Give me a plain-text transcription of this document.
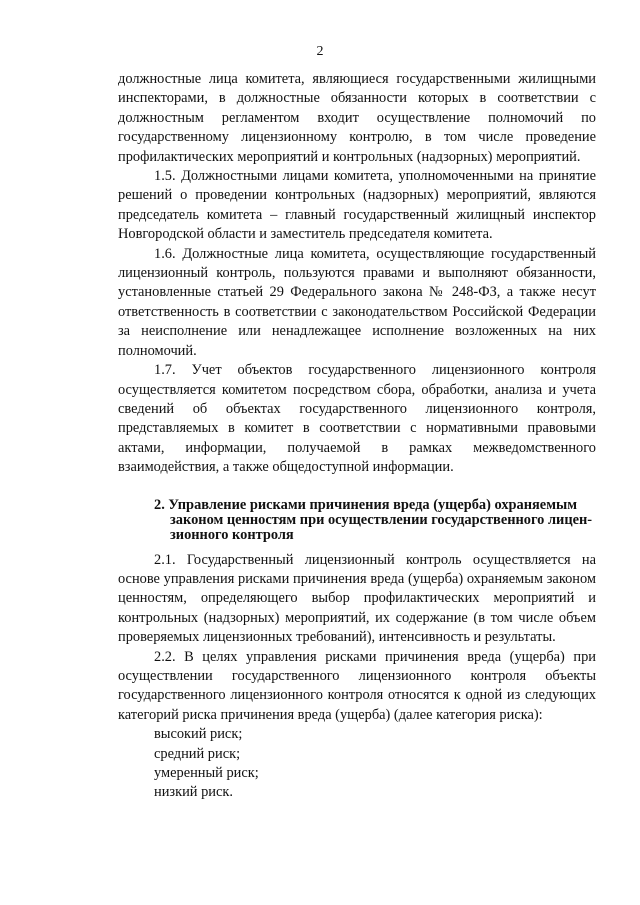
2

должностные лица комитета, являющиеся государственными жилищными инспекторами, в должностные обязанности которых в соответствии с должностным регламентом входит осуществление полномочий по государственному лицензионному контролю, в том числе проведение профилактических мероприятий и контрольных (надзорных) мероприятий.

1.5. Должностными лицами комитета, уполномоченными на принятие решений о проведении контрольных (надзорных) мероприятий, являются председатель комитета – главный государственный жилищный инспектор Новгородской области и заместитель председателя комитета.

1.6. Должностные лица комитета, осуществляющие государственный лицензионный контроль, пользуются правами и выполняют обязанности, установленные статьей 29 Федерального закона № 248-ФЗ, а также несут ответственность в соответствии с законодательством Российской Федерации за неисполнение или ненадлежащее исполнение возложенных на них полномочий.

1.7. Учет объектов государственного лицензионного контроля осуществляется комитетом посредством сбора, обработки, анализа и учета сведений об объектах государственного лицензионного контроля, представляемых в комитет в соответствии с нормативными правовыми актами, информации, получаемой в рамках межведомственного взаимодействия, а также общедоступной информации.

2. Управление рисками причинения вреда (ущерба) охраняемым
законом ценностям при осуществлении государственного лицен-
зионного контроля

2.1. Государственный лицензионный контроль осуществляется на основе управления рисками причинения вреда (ущерба) охраняемым законом ценностям, определяющего выбор профилактических мероприятий и контрольных (надзорных) мероприятий, их содержание (в том числе объем проверяемых лицензионных требований), интенсивность и результаты.

2.2. В целях управления рисками причинения вреда (ущерба) при осуществлении государственного лицензионного контроля объекты государственного лицензионного контроля относятся к одной из следующих категорий риска причинения вреда (ущерба) (далее категория риска):

высокий риск;
средний риск;
умеренный риск;
низкий риск.
